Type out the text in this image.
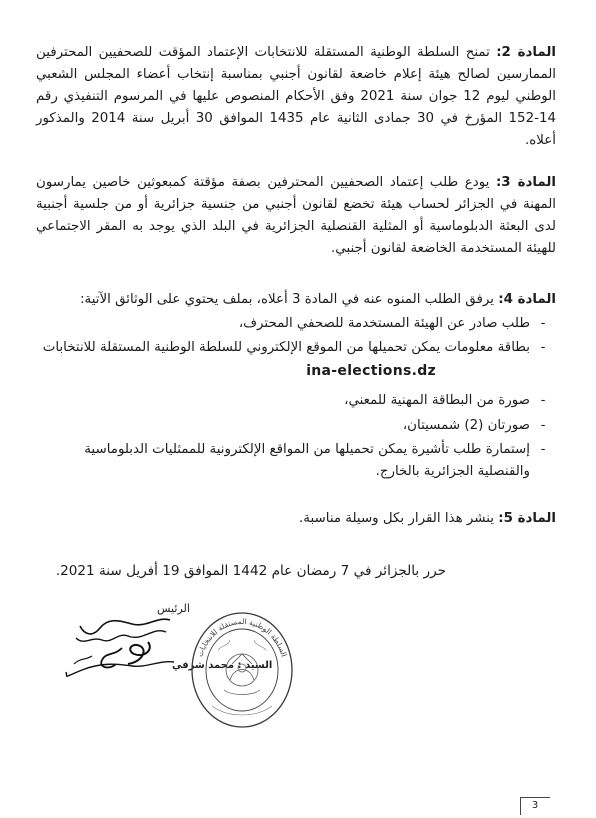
المادة 2: تمنح السلطة الوطنية المستقلة للانتخابات الإعتماد المؤقت للصحفيين المحترفين الممارسين لصالح هيئة إعلام خاضعة لقانون أجنبي بمناسبة إنتخاب أعضاء المجلس الشعبي الوطني ليوم 12 جوان سنة 2021 وفق الأحكام المنصوص عليها في المرسوم التنفيذي رقم 14-152 المؤرخ في 30 جمادى الثانية عام 1435 الموافق 30 أبريل سنة 2014 والمذكور أعلاه.
المادة 3: يودع طلب إعتماد الصحفيين المحترفين بصفة مؤقتة كمبعوثين خاصين يمارسون المهنة في الجزائر لحساب هيئة تخضع لقانون أجنبي من جنسية جزائرية أو من جلسية أجنبية لدى البعثة الدبلوماسية أو المثلية القنصلية الجزائرية في البلد الذي يوجد به المقر الاجتماعي للهيئة المستخدمة الخاضعة لقانون أجنبي.
المادة 4: يرفق الطلب المنوه عنه في المادة 3 أعلاه، بملف يحتوي على الوثائق الآتية:
-
طلب صادر عن الهيئة المستخدمة للصحفي المحترف،
-
بطاقة معلومات يمكن تحميلها من الموقع الإلكتروني للسلطة الوطنية المستقلة للانتخابات
ina-elections.dz
-
صورة من البطاقة المهنية للمعني،
-
صورتان (2) شمسيتان،
-
إستمارة طلب تأشيرة يمكن تحميلها من المواقع الإلكترونية للممثليات الدبلوماسية والقنصلية الجزائرية بالخارج.
المادة 5: ينشر هذا القرار بكل وسيلة مناسبة.
حرر بالجزائر في 7 رمضان عام 1442 الموافق 19 أفريل سنة 2021.
الرئيس
السيد : محمد شرفي
السلطة الوطنية المستقلة للانتخابات
3
